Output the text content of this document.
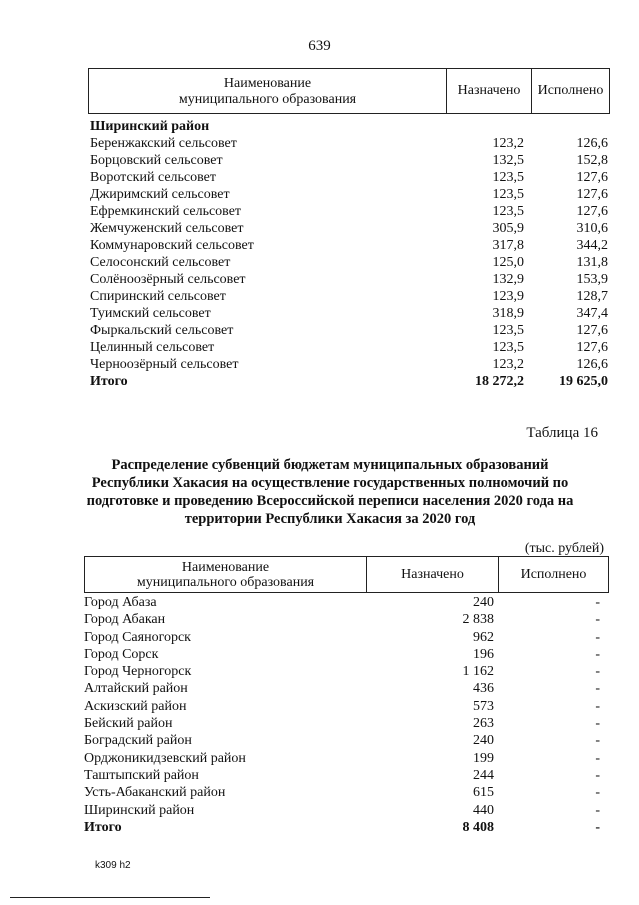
639
Наименование
муниципального образования
Назначено	Исполнено
Ширинский район
Беренжакский сельсовет	123,2	126,6
Борцовский сельсовет	132,5	152,8
Воротский сельсовет	123,5	127,6
Джиримский сельсовет	123,5	127,6
Ефремкинский сельсовет	123,5	127,6
Жемчуженский сельсовет	305,9	310,6
Коммунаровский сельсовет	317,8	344,2
Селосонский сельсовет	125,0	131,8
Солёноозёрный сельсовет	132,9	153,9
Спиринский сельсовет	123,9	128,7
Туимский сельсовет	318,9	347,4
Фыркальский сельсовет	123,5	127,6
Целинный сельсовет	123,5	127,6
Черноозёрный сельсовет	123,2	126,6
Итого	18 272,2	19 625,0
Таблица 16
Распределение субвенций бюджетам муниципальных образований Республики Хакасия на осуществление государственных полномочий по подготовке и проведению Всероссийской переписи населения 2020 года на территории Республики Хакасия за 2020 год
(тыс. рублей)
Наименование
муниципального образования
Назначено	Исполнено
Город Абаза	240	-
Город Абакан	2 838	-
Город Саяногорск	962	-
Город Сорск	196	-
Город Черногорск	1 162	-
Алтайский район	436	-
Аскизский район	573	-
Бейский район	263	-
Боградский район	240	-
Орджоникидзевский район	199	-
Таштыпский район	244	-
Усть-Абаканский район	615	-
Ширинский район	440	-
Итого	8 408	-
k309 h2
